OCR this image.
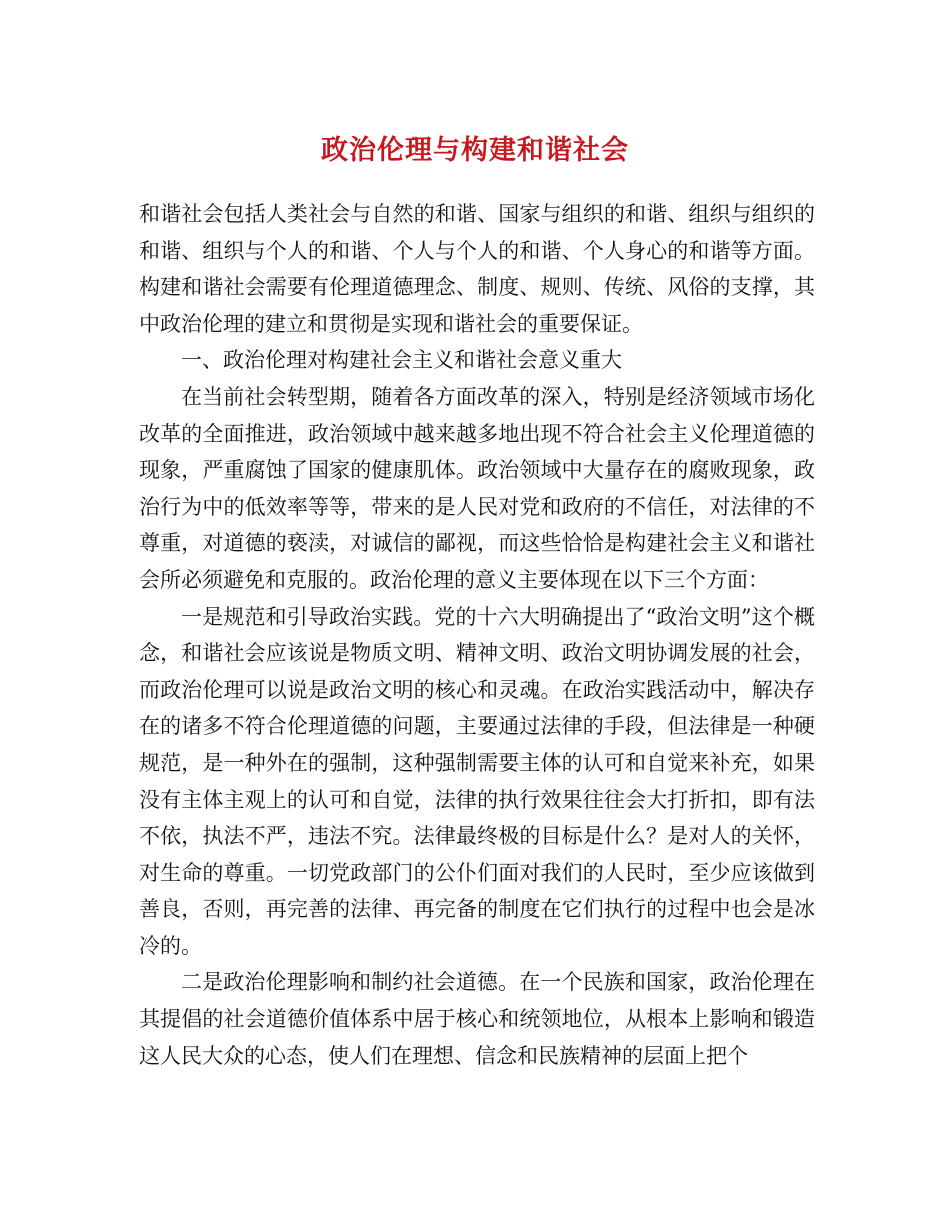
政治伦理与构建和谐社会

和谐社会包括人类社会与自然的和谐、国家与组织的和谐、组织与组织的和谐、组织与个人的和谐、个人与个人的和谐、个人身心的和谐等方面。构建和谐社会需要有伦理道德理念、制度、规则、传统、风俗的支撑，其中政治伦理的建立和贯彻是实现和谐社会的重要保证。

一、政治伦理对构建社会主义和谐社会意义重大

在当前社会转型期，随着各方面改革的深入，特别是经济领域市场化改革的全面推进，政治领域中越来越多地出现不符合社会主义伦理道德的现象，严重腐蚀了国家的健康肌体。政治领域中大量存在的腐败现象，政治行为中的低效率等等，带来的是人民对党和政府的不信任，对法律的不尊重，对道德的亵渎，对诚信的鄙视，而这些恰恰是构建社会主义和谐社会所必须避免和克服的。政治伦理的意义主要体现在以下三个方面：

一是规范和引导政治实践。党的十六大明确提出了“政治文明”这个概念，和谐社会应该说是物质文明、精神文明、政治文明协调发展的社会，而政治伦理可以说是政治文明的核心和灵魂。在政治实践活动中，解决存在的诸多不符合伦理道德的问题，主要通过法律的手段，但法律是一种硬规范，是一种外在的强制，这种强制需要主体的认可和自觉来补充，如果没有主体主观上的认可和自觉，法律的执行效果往往会大打折扣，即有法不依，执法不严，违法不究。法律最终极的目标是什么？是对人的关怀，对生命的尊重。一切党政部门的公仆们面对我们的人民时，至少应该做到善良，否则，再完善的法律、再完备的制度在它们执行的过程中也会是冰冷的。

二是政治伦理影响和制约社会道德。在一个民族和国家，政治伦理在其提倡的社会道德价值体系中居于核心和统领地位，从根本上影响和锻造这人民大众的心态，使人们在理想、信念和民族精神的层面上把个
